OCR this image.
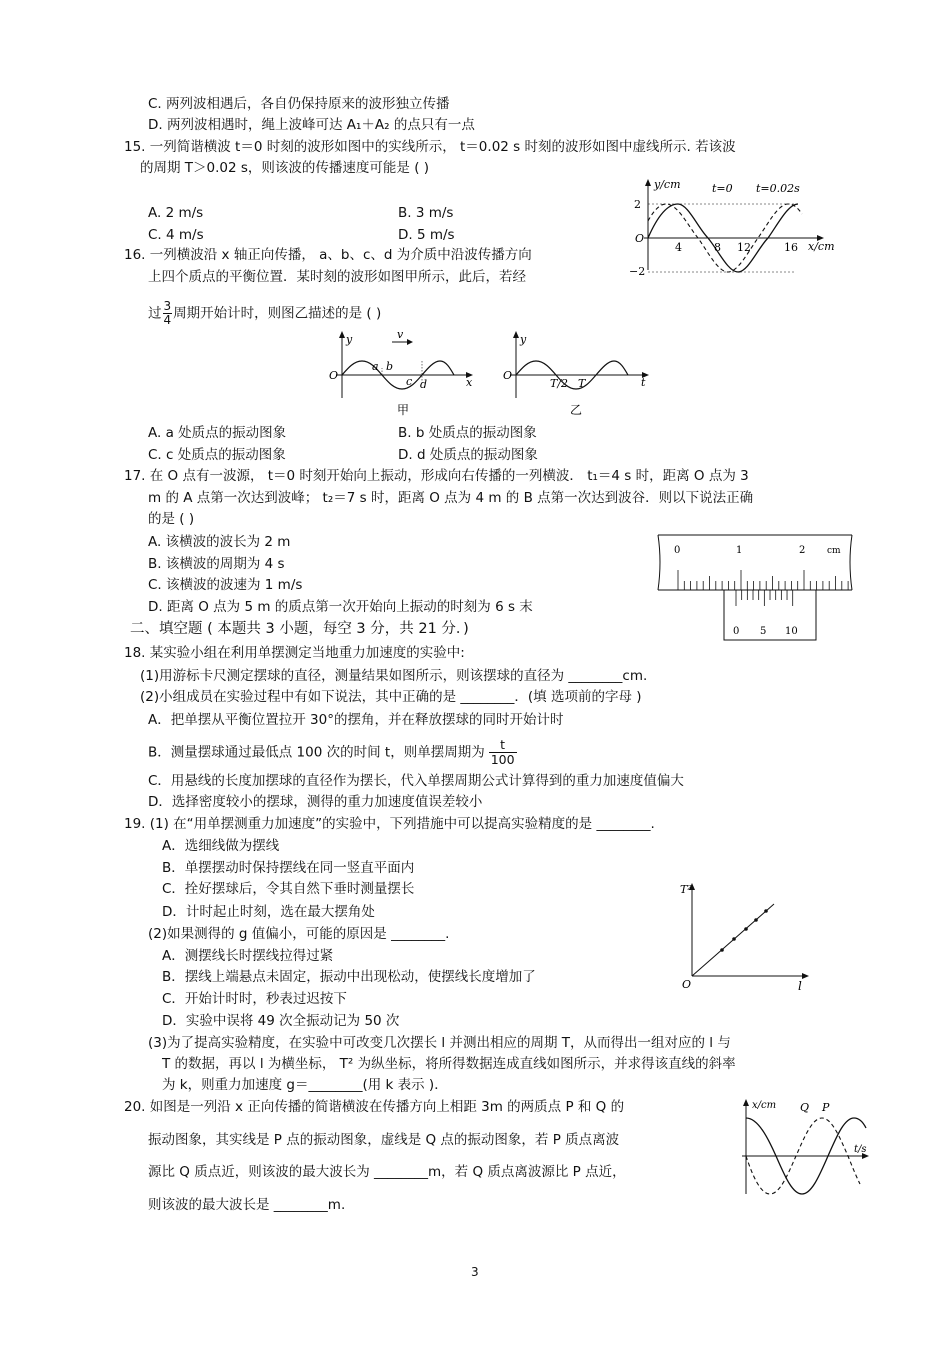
C. 两列波相遇后，各自仍保持原来的波形独立传播
D. 两列波相遇时，绳上波峰可达 A₁＋A₂ 的点只有一点
15. 一列简谐横波 t＝0 时刻的波形如图中的实线所示， t＝0.02 s 时刻的波形如图中虚线所示. 若该波
的周期 T＞0.02 s，则该波的传播速度可能是 ( )
A. 2 m/s	B. 3 m/s
C. 4 m/s	D. 5 m/s
16. 一列横波沿 x 轴正向传播， a、b、c、d 为介质中沿波传播方向
上四个质点的平衡位置．某时刻的波形如图甲所示，此后，若经
过 $\frac{3}{4}$ 周期开始计时，则图乙描述的是 ( )
A. a 处质点的振动图象	B. b 处质点的振动图象
C. c 处质点的振动图象	D. d 处质点的振动图象
17. 在 O 点有一波源， t＝0 时刻开始向上振动，形成向右传播的一列横波． t₁＝4 s 时，距离 O 点为 3
m 的 A 点第一次达到波峰； t₂＝7 s 时，距离 O 点为 4 m 的 B 点第一次达到波谷．则以下说法正确
的是 ( )
A. 该横波的波长为 2 m
B. 该横波的周期为 4 s
C. 该横波的波速为 1 m/s
D. 距离 O 点为 5 m 的质点第一次开始向上振动的时刻为 6 s 末
二、填空题 ( 本题共 3 小题，每空 3 分，共 21 分．)
18. 某实验小组在利用单摆测定当地重力加速度的实验中:
(1)用游标卡尺测定摆球的直径，测量结果如图所示，则该摆球的直径为 ________cm.
(2)小组成员在实验过程中有如下说法，其中正确的是 ________．(填 选项前的字母 )
A．把单摆从平衡位置拉开 30°的摆角，并在释放摆球的同时开始计时
B．测量摆球通过最低点 100 次的时间 t，则单摆周期为 $\frac{t}{100}$
C．用悬线的长度加摆球的直径作为摆长，代入单摆周期公式计算得到的重力加速度值偏大
D．选择密度较小的摆球，测得的重力加速度值误差较小
19. (1) 在“用单摆测重力加速度”的实验中，下列措施中可以提高实验精度的是 ________.
A．选细线做为摆线
B．单摆摆动时保持摆线在同一竖直平面内
C．拴好摆球后，令其自然下垂时测量摆长
D．计时起止时刻，选在最大摆角处
(2)如果测得的 g 值偏小，可能的原因是 ________.
A．测摆线长时摆线拉得过紧
B．摆线上端悬点未固定，振动中出现松动，使摆线长度增加了
C．开始计时时，秒表过迟按下
D．实验中误将 49 次全振动记为 50 次
(3)为了提高实验精度，在实验中可改变几次摆长 l 并测出相应的周期 T，从而得出一组对应的 l 与
T 的数据，再以 l 为横坐标， T² 为纵坐标，将所得数据连成直线如图所示，并求得该直线的斜率
为 k，则重力加速度 g＝________(用 k 表示 )．
20. 如图是一列沿 x 正向传播的简谐横波在传播方向上相距 3m 的两质点 P 和 Q 的
振动图象，其实线是 P 点的振动图象，虚线是 Q 点的振动图象，若 P 质点离波
源比 Q 质点近，则该波的最大波长为 ________m，若 Q 质点离波源比 P 点近，
则该波的最大波长是 ________m.
3
y/cm	t=0 t=0.02s
2
−2
O
4	8 12	16 x/cm
y	v
a b
c d
O
x
甲
y
O
T/2 T	t
乙
0	1	2 cm
0 5 10
T²
O	l
x/cm Q P
t/s
